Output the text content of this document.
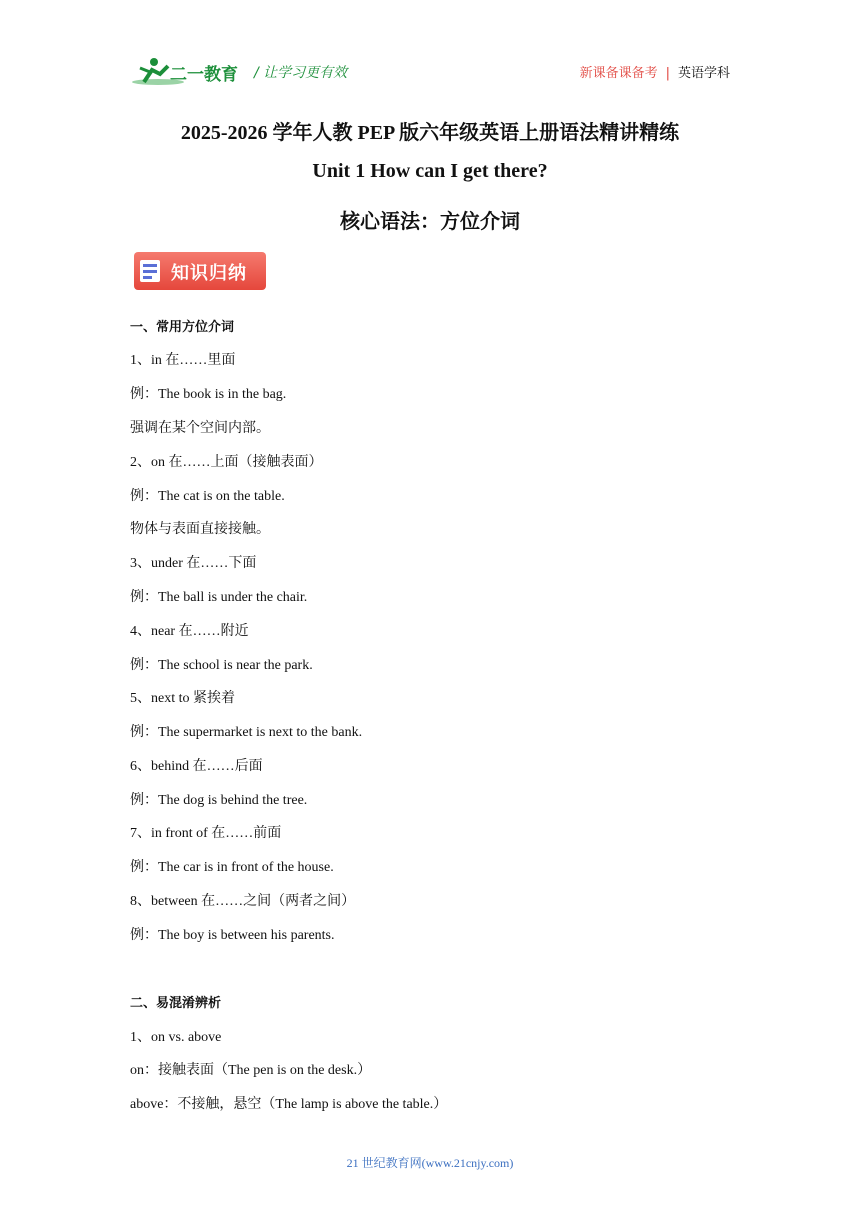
二一教育 / 让学习更有效	新课备课备考 | 英语学科
2025-2026 学年人教 PEP 版六年级英语上册语法精讲精练
Unit 1 How can I get there?
核心语法：方位介词
知识归纳
一、常用方位介词
1、in 在……里面
例：The book is in the bag.
强调在某个空间内部。
2、on 在……上面（接触表面）
例：The cat is on the table.
物体与表面直接接触。
3、under 在……下面
例：The ball is under the chair.
4、near 在……附近
例：The school is near the park.
5、next to 紧挨着
例：The supermarket is next to the bank.
6、behind 在……后面
例：The dog is behind the tree.
7、in front of 在……前面
例：The car is in front of the house.
8、between 在……之间（两者之间）
例：The boy is between his parents.
二、易混淆辨析
1、on vs. above
on：接触表面（The pen is on the desk.）
above：不接触，悬空（The lamp is above the table.）
21 世纪教育网(www.21cnjy.com)
